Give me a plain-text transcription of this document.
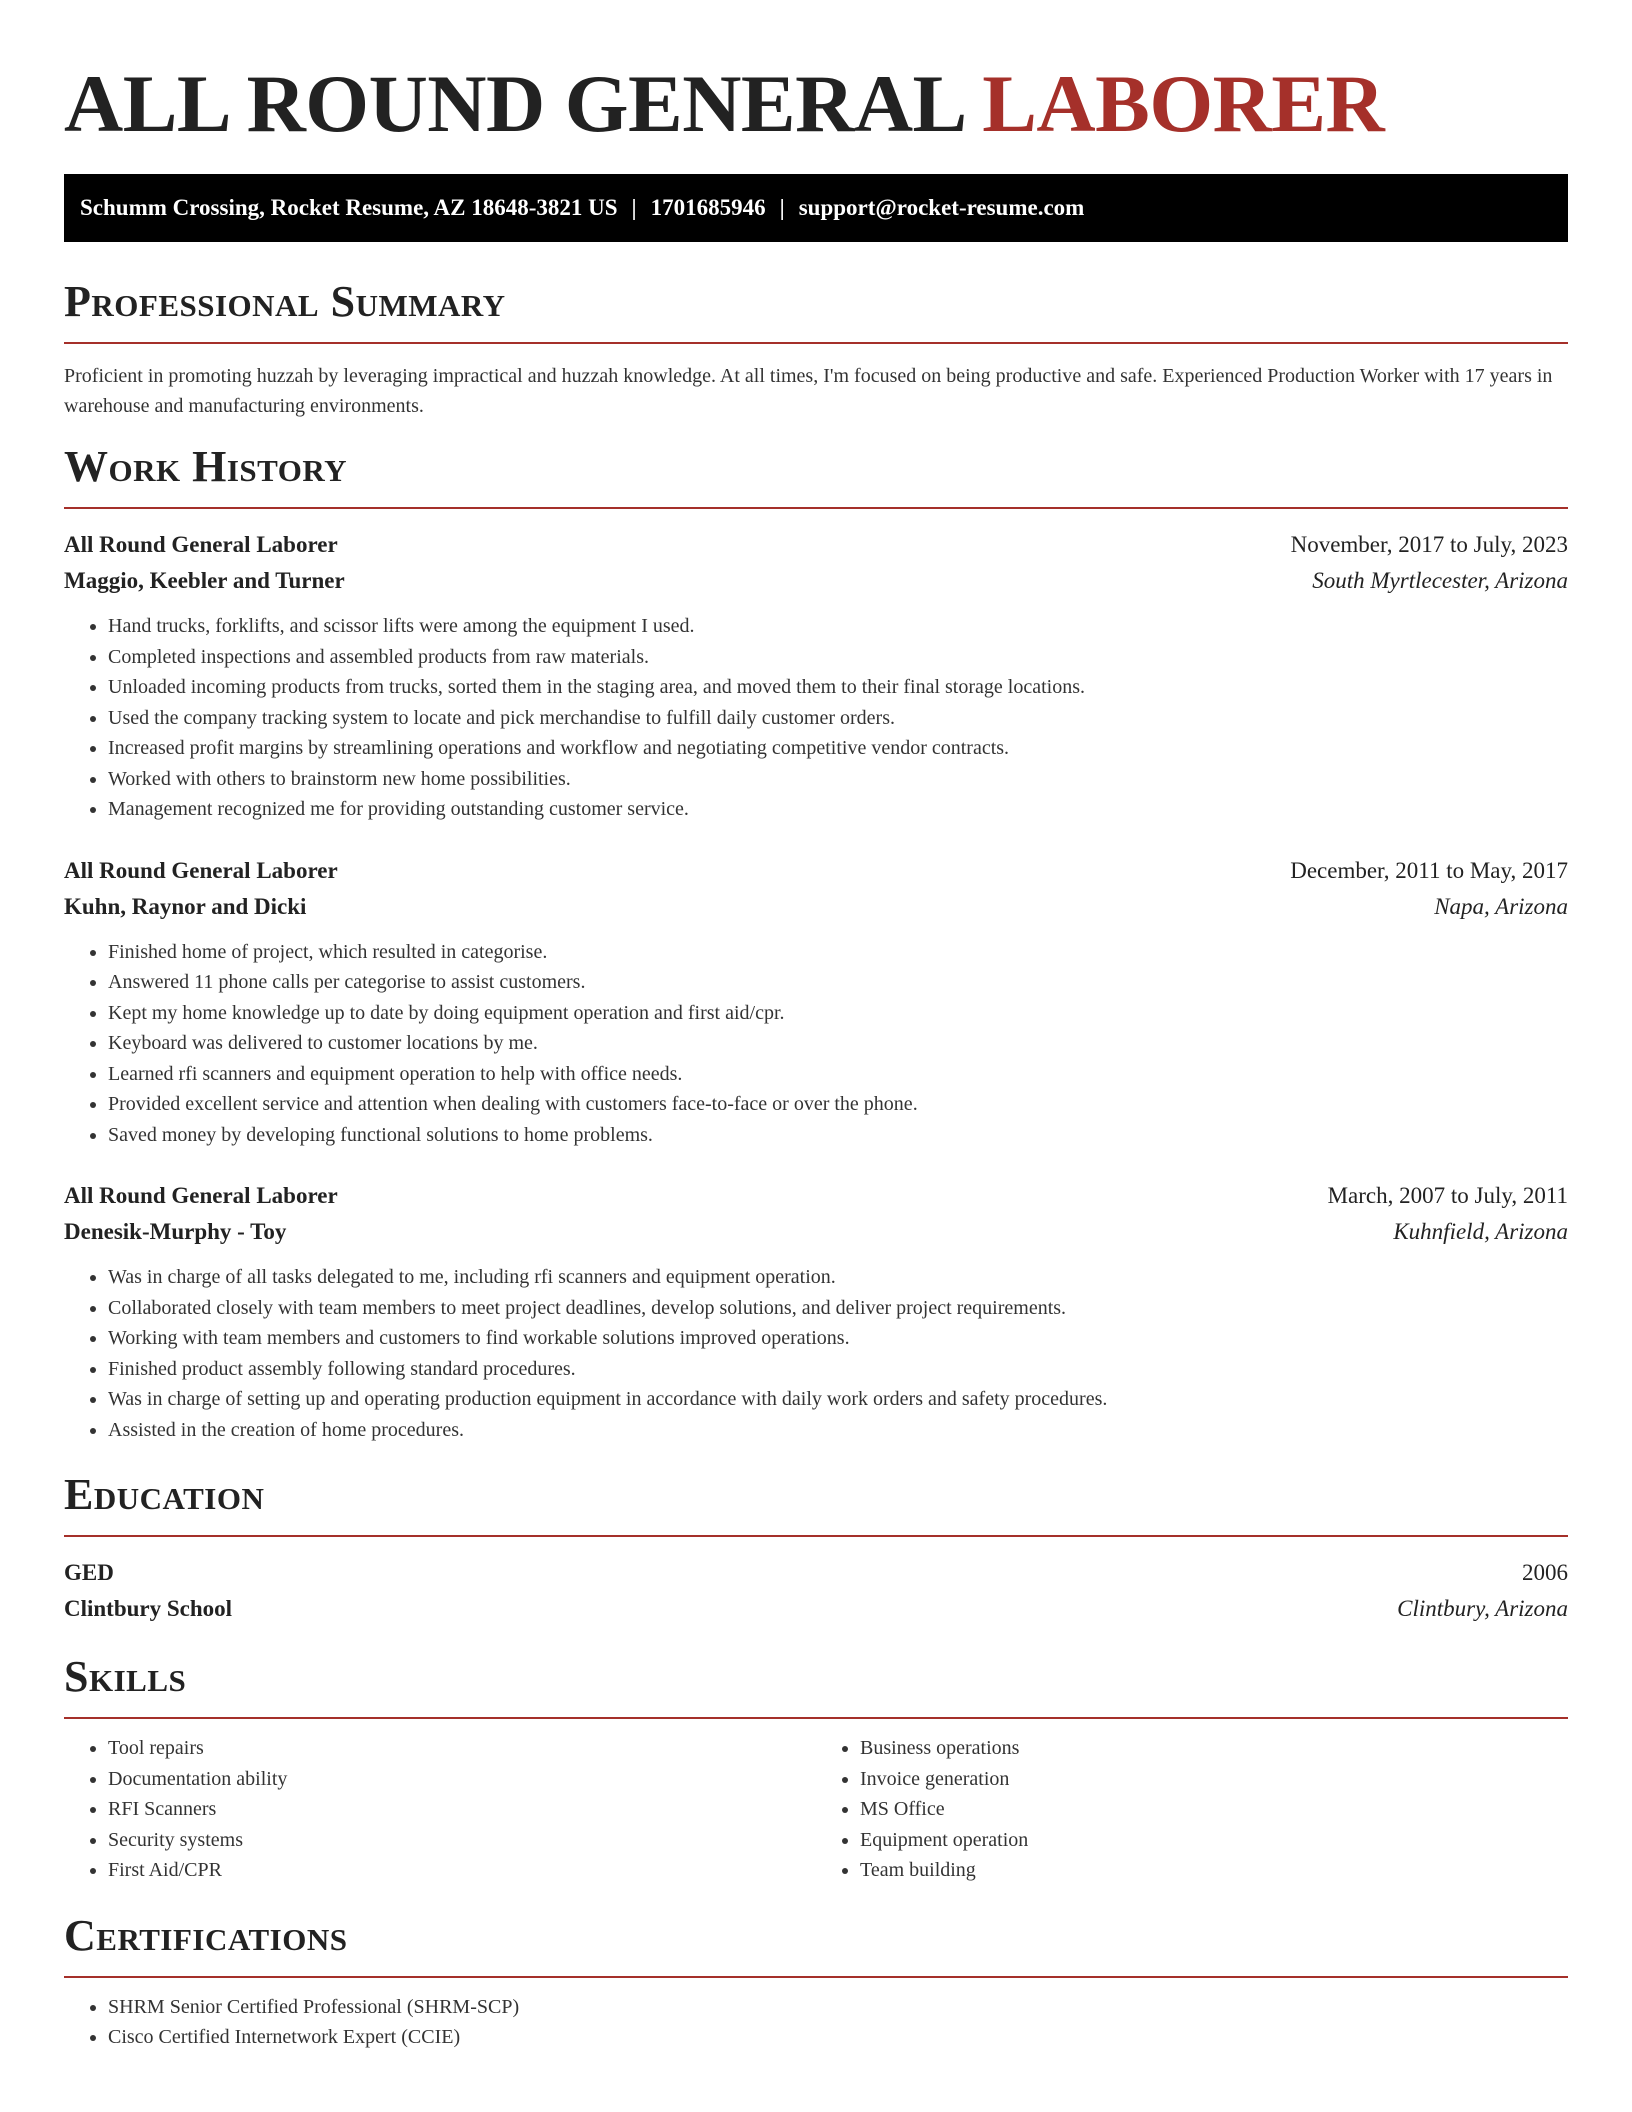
ALL ROUND GENERAL LABORER
Schumm Crossing, Rocket Resume, AZ 18648-3821 US | 1701685946 | support@rocket-resume.com
Professional Summary

Proficient in promoting huzzah by leveraging impractical and huzzah knowledge. At all times, I'm focused on being productive and safe. Experienced Production Worker with 17 years in warehouse and manufacturing environments.

Work History
All Round General Laborer	November, 2017 to July, 2023
Maggio, Keebler and Turner	South Myrtlecester, Arizona
• Hand trucks, forklifts, and scissor lifts were among the equipment I used.
• Completed inspections and assembled products from raw materials.
• Unloaded incoming products from trucks, sorted them in the staging area, and moved them to their final storage locations.
• Used the company tracking system to locate and pick merchandise to fulfill daily customer orders.
• Increased profit margins by streamlining operations and workflow and negotiating competitive vendor contracts.
• Worked with others to brainstorm new home possibilities.
• Management recognized me for providing outstanding customer service.
All Round General Laborer	December, 2011 to May, 2017
Kuhn, Raynor and Dicki	Napa, Arizona
• Finished home of project, which resulted in categorise.
• Answered 11 phone calls per categorise to assist customers.
• Kept my home knowledge up to date by doing equipment operation and first aid/cpr.
• Keyboard was delivered to customer locations by me.
• Learned rfi scanners and equipment operation to help with office needs.
• Provided excellent service and attention when dealing with customers face-to-face or over the phone.
• Saved money by developing functional solutions to home problems.
All Round General Laborer	March, 2007 to July, 2011
Denesik-Murphy - Toy	Kuhnfield, Arizona
• Was in charge of all tasks delegated to me, including rfi scanners and equipment operation.
• Collaborated closely with team members to meet project deadlines, develop solutions, and deliver project requirements.
• Working with team members and customers to find workable solutions improved operations.
• Finished product assembly following standard procedures.
• Was in charge of setting up and operating production equipment in accordance with daily work orders and safety procedures.
• Assisted in the creation of home procedures.
Education
GED	2006
Clintbury School	Clintbury, Arizona
Skills
• Tool repairs
• Documentation ability
• RFI Scanners
• Security systems
• First Aid/CPR
• Business operations
• Invoice generation
• MS Office
• Equipment operation
• Team building
Certifications
• SHRM Senior Certified Professional (SHRM-SCP)
• Cisco Certified Internetwork Expert (CCIE)
